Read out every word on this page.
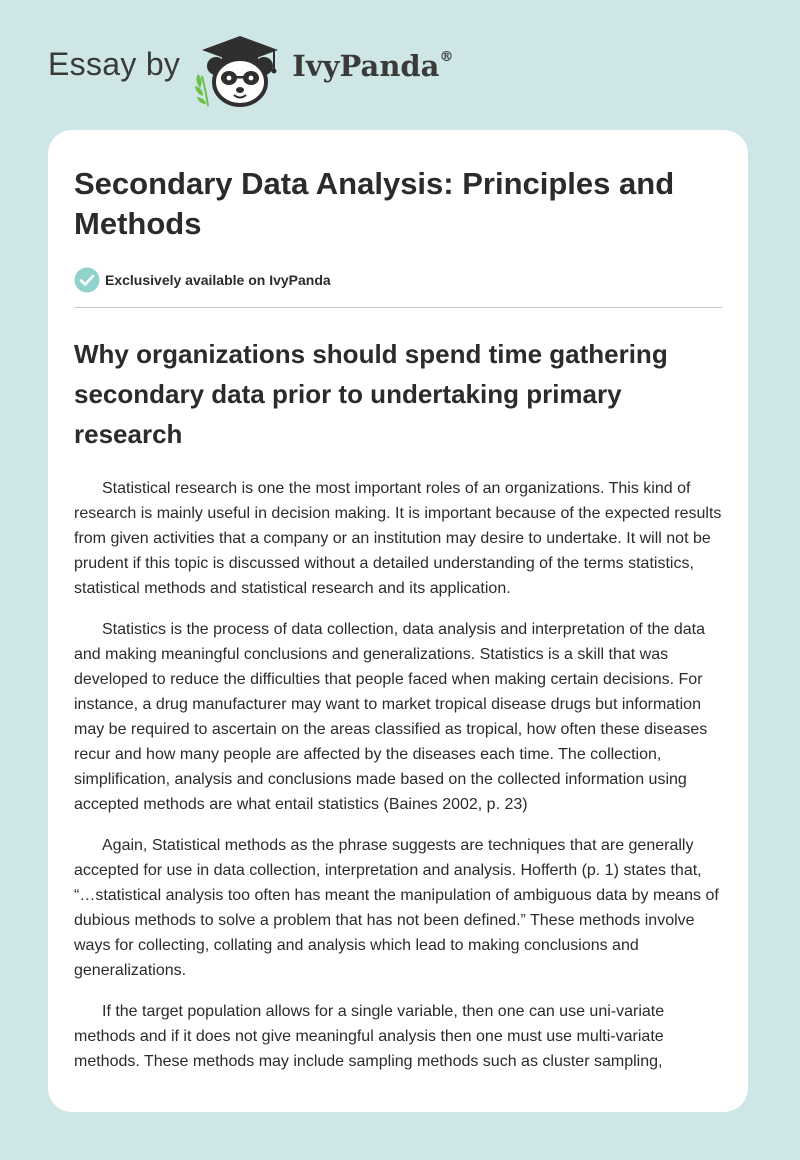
Essay by	IvyPanda®
Secondary Data Analysis: Principles and Methods
Exclusively available on IvyPanda
Why organizations should spend time gathering secondary data prior to undertaking primary research

Statistical research is one the most important roles of an organizations. This kind of research is mainly useful in decision making. It is important because of the expected results from given activities that a company or an institution may desire to undertake. It will not be prudent if this topic is discussed without a detailed understanding of the terms statistics, statistical methods and statistical research and its application.

Statistics is the process of data collection, data analysis and interpretation of the data and making meaningful conclusions and generalizations. Statistics is a skill that was developed to reduce the difficulties that people faced when making certain decisions. For instance, a drug manufacturer may want to market tropical disease drugs but information may be required to ascertain on the areas classified as tropical, how often these diseases recur and how many people are affected by the diseases each time. The collection, simplification, analysis and conclusions made based on the collected information using accepted methods are what entail statistics (Baines 2002, p. 23)

Again, Statistical methods as the phrase suggests are techniques that are generally accepted for use in data collection, interpretation and analysis. Hofferth (p. 1) states that, “…statistical analysis too often has meant the manipulation of ambiguous data by means of dubious methods to solve a problem that has not been defined.” These methods involve ways for collecting, collating and analysis which lead to making conclusions and generalizations.

If the target population allows for a single variable, then one can use uni-variate methods and if it does not give meaningful analysis then one must use multi-variate methods. These methods may include sampling methods such as cluster sampling,
